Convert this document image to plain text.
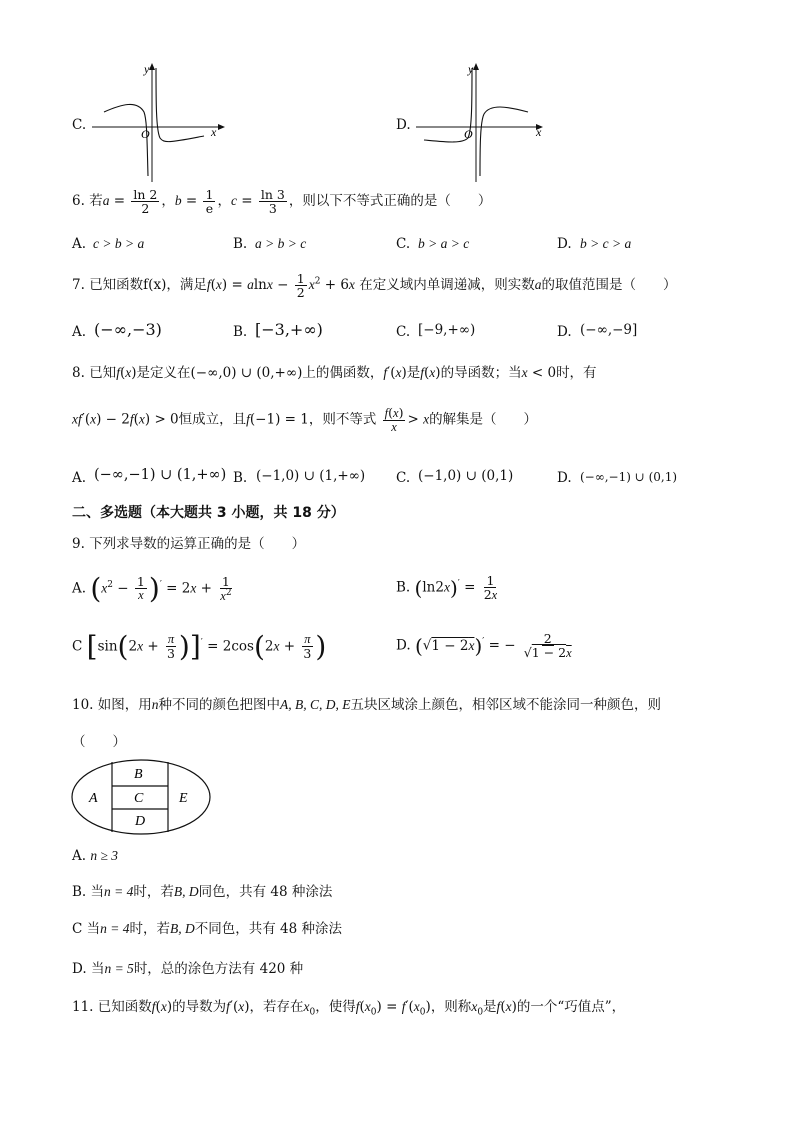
C.
y
x
O
D.
y
x
O
6. 若$a = \frac{\ln 2}{2}$ ，$b = \frac{1}{e}$ ，$c = \frac{\ln 3}{3}$ ，则以下不等式正确的是（　　）
A. c > b > a	B. a > b > c	C. b > a > c	D. b > c > a
7. 已知函数f(x)，满足$f(x) = alnx - \frac{1}{2} x^2 + 6x$ 在定义域内单调递减，则实数a的取值范围是（　　）
A. (−∞,−3)	B. [−3,+∞)	C. [−9,+∞)	D. (−∞,−9]
8. 已知f(x)是定义在(−∞,0) ∪ (0,+∞)上的偶函数，f′(x)是f(x)的导函数；当x < 0时，有
xf′(x) − 2f(x) > 0恒成立，且f(−1) = 1，则不等式 $\frac{f(x)}{x} > x$的解集是（　　）
A. (−∞,−1) ∪ (1,+∞) B. (−1,0) ∪ (1,+∞) C. (−1,0) ∪ (0,1)	D. (−∞,−1) ∪ (0,1)
二、多选题（本大题共 3 小题，共 18 分）
9. 下列求导数的运算正确的是（　　）
A. $(x^2 - \frac{1}{x} )' = 2x + \frac{1}{x^2}$	B. $(\ln 2x)' = \frac{1}{2x}$
C $[\sin(2x + \frac{\pi}{3} )]' = 2\cos(2x + \frac{\pi}{3}$ )	D. (√1 − 2x)′ = − $\frac{2}{√1 - 2x}$
10. 如图，用n种不同的颜色把图中A, B, C, D, E五块区域涂上颜色，相邻区域不能涂同一种颜色，则
（　　）
A
B
C
D
E
A. n ≥ 3
B. 当n = 4时，若B, D同色，共有 48 种涂法
C 当n = 4时，若B, D不同色，共有 48 种涂法
D. 当n = 5时，总的涂色方法有 420 种
11. 已知函数f(x)的导数为f′(x)，若存在$x_0$，使得$f(x_0) = f'(x_0)$，则称$x_0$是f(x)的一个“巧值点”，
